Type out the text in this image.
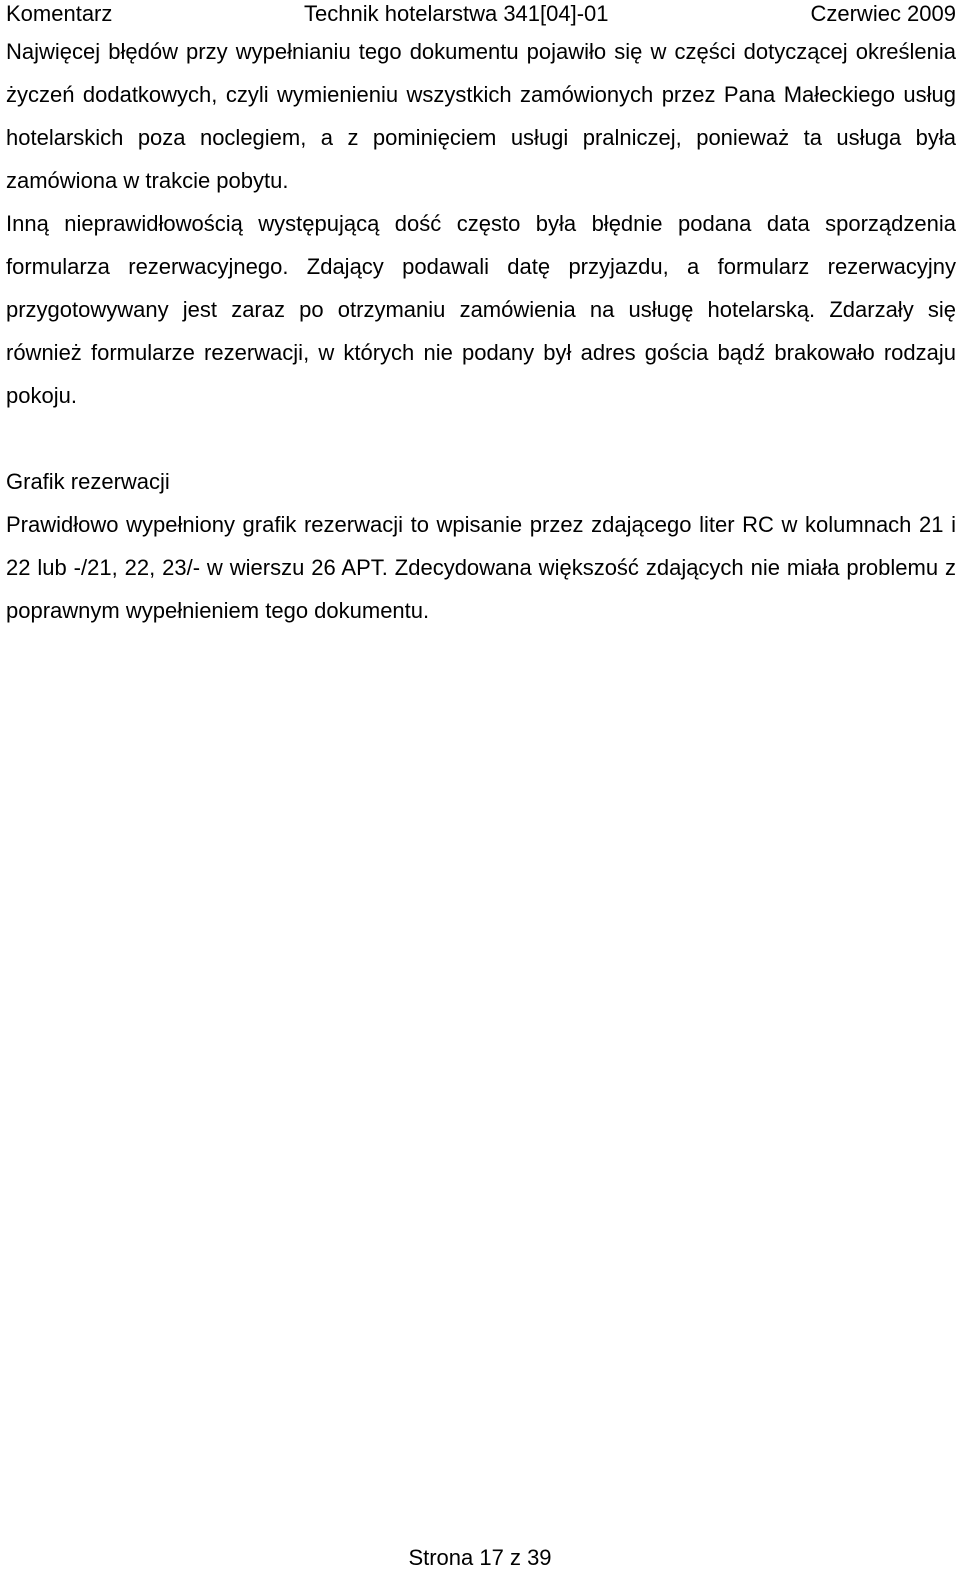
Komentarz	Technik hotelarstwa 341[04]-01	Czerwiec 2009

Najwięcej błędów przy wypełnianiu tego dokumentu pojawiło się w części dotyczącej określenia życzeń dodatkowych, czyli wymienieniu wszystkich zamówionych przez Pana Małeckiego usług hotelarskich poza noclegiem, a z pominięciem usługi pralniczej, ponieważ ta usługa była zamówiona w trakcie pobytu.

Inną nieprawidłowością występującą dość często była błędnie podana data sporządzenia formularza rezerwacyjnego. Zdający podawali datę przyjazdu, a formularz rezerwacyjny przygotowywany jest zaraz po otrzymaniu zamówienia na usługę hotelarską. Zdarzały się również formularze rezerwacji, w których nie podany był adres gościa bądź brakowało rodzaju pokoju.

Grafik rezerwacji

Prawidłowo wypełniony grafik rezerwacji to wpisanie przez zdającego liter RC w kolumnach 21 i 22 lub -/21, 22, 23/- w wierszu 26 APT. Zdecydowana większość zdających nie miała problemu z poprawnym wypełnieniem tego dokumentu.

Strona 17 z 39
